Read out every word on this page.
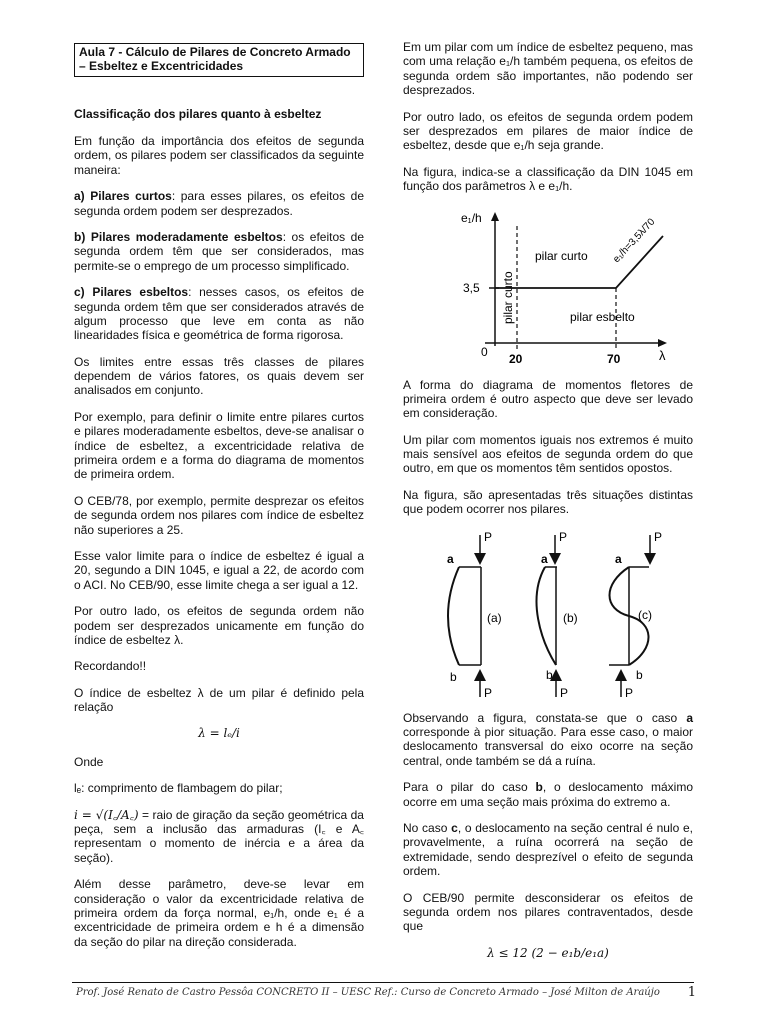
Aula 7 - Cálculo de Pilares de Concreto Armado – Esbeltez e Excentricidades

Classificação dos pilares quanto à esbeltez

Em função da importância dos efeitos de segunda ordem, os pilares podem ser classificados da seguinte maneira:

a) Pilares curtos: para esses pilares, os efeitos de segunda ordem podem ser desprezados.

b) Pilares moderadamente esbeltos: os efeitos de segunda ordem têm que ser considerados, mas permite-se o emprego de um processo simplificado.

c) Pilares esbeltos: nesses casos, os efeitos de segunda ordem têm que ser considerados através de algum processo que leve em conta as não linearidades física e geométrica de forma rigorosa.

Os limites entre essas três classes de pilares dependem de vários fatores, os quais devem ser analisados em conjunto.

Por exemplo, para definir o limite entre pilares curtos e pilares moderadamente esbeltos, deve-se analisar o índice de esbeltez, a excentricidade relativa de primeira ordem e a forma do diagrama de momentos de primeira ordem.

O CEB/78, por exemplo, permite desprezar os efeitos de segunda ordem nos pilares com índice de esbeltez não superiores a 25.

Esse valor limite para o índice de esbeltez é igual a 20, segundo a DIN 1045, e igual a 22, de acordo com o ACI. No CEB/90, esse limite chega a ser igual a 12.

Por outro lado, os efeitos de segunda ordem não podem ser desprezados unicamente em função do índice de esbeltez λ.

Recordando!!

O índice de esbeltez λ de um pilar é definido pela relação

λ = lₑ/i

Onde

lₑ: comprimento de flambagem do pilar;

i = √(I꜀/A꜀) = raio de giração da seção geométrica da peça, sem a inclusão das armaduras (I꜀ e A꜀ representam o momento de inércia e a área da seção).

Além desse parâmetro, deve-se levar em consideração o valor da excentricidade relativa de primeira ordem da força normal, e₁/h, onde e₁ é a excentricidade de primeira ordem e h é a dimensão da seção do pilar na direção considerada.

Em um pilar com um índice de esbeltez pequeno, mas com uma relação e₁/h também pequena, os efeitos de segunda ordem são importantes, não podendo ser desprezados.

Por outro lado, os efeitos de segunda ordem podem ser desprezados em pilares de maior índice de esbeltez, desde que e₁/h seja grande.

Na figura, indica-se a classificação da DIN 1045 em função dos parâmetros λ e e₁/h.

e₁/h
λ
3,5
0 20	70
pilar curto
pilar curto	pilar esbelto
e₁/h=3,5λ/70

A forma do diagrama de momentos fletores de primeira ordem é outro aspecto que deve ser levado em consideração.

Um pilar com momentos iguais nos extremos é muito mais sensível aos efeitos de segunda ordem do que outro, em que os momentos têm sentidos opostos.

Na figura, são apresentadas três situações distintas que podem ocorrer nos pilares.

P
a
(a)
b
P
P
a
(b)
b
P
P
a
(c)
b
P

Observando a figura, constata-se que o caso a corresponde à pior situação. Para esse caso, o maior deslocamento transversal do eixo ocorre na seção central, onde também se dá a ruína.

Para o pilar do caso b, o deslocamento máximo ocorre em uma seção mais próxima do extremo a.

No caso c, o deslocamento na seção central é nulo e, provavelmente, a ruína ocorrerá na seção de extremidade, sendo desprezível o efeito de segunda ordem.

O CEB/90 permite desconsiderar os efeitos de segunda ordem nos pilares contraventados, desde que

λ ≤ 12 (2 − e₁b/e₁a)
Prof. José Renato de Castro Pessôa CONCRETO II – UESC Ref.: Curso de Concreto Armado – José Milton de Araújo 1
